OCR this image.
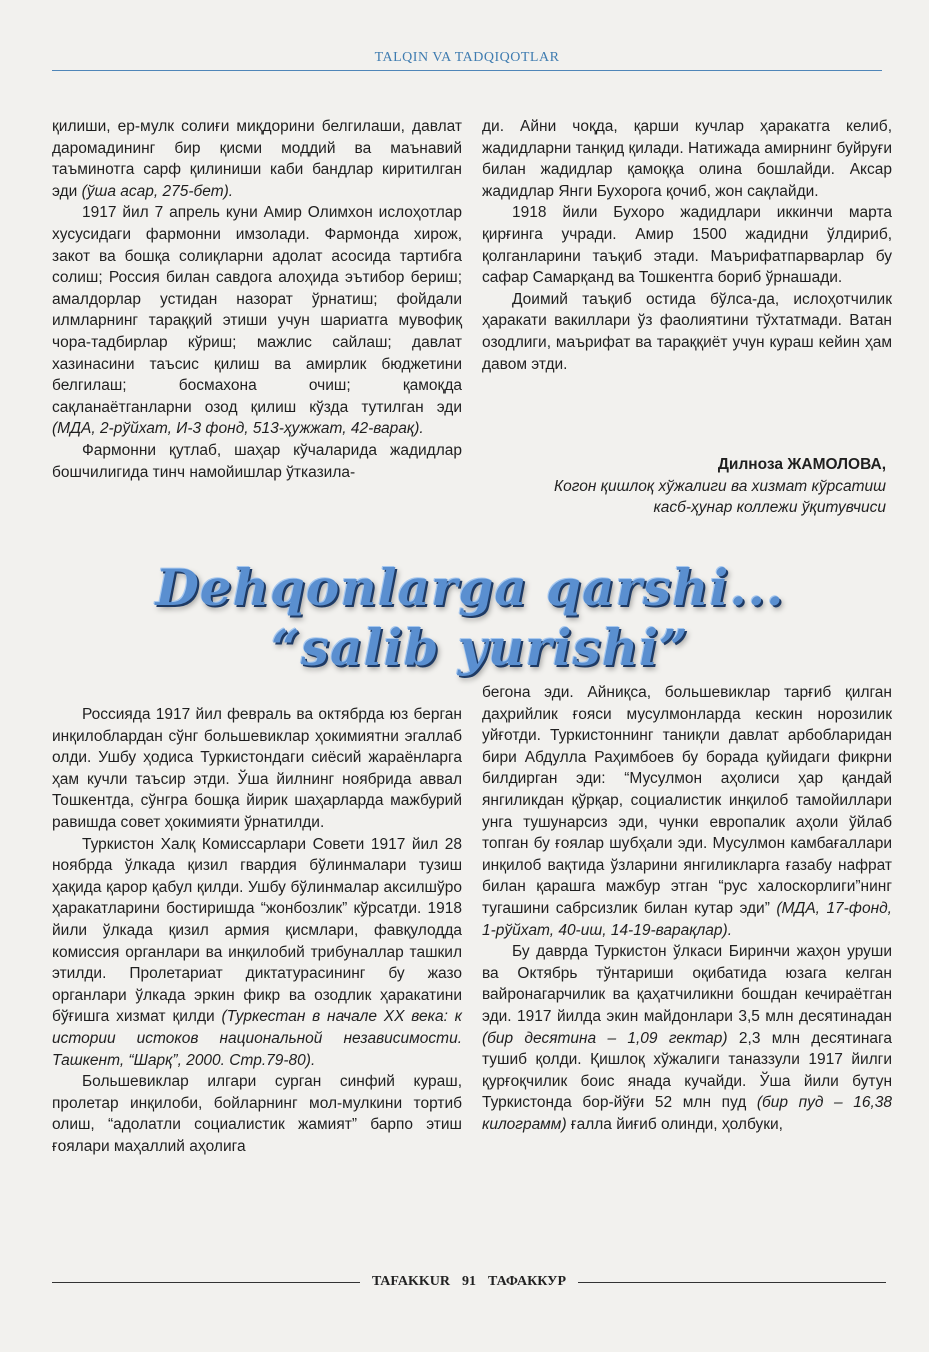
TALQIN VA TADQIQOTLAR

қилиши, ер-мулк солиғи миқдорини белгилаши, давлат даромадининг бир қисми моддий ва маънавий таъминотга сарф қилиниши каби бандлар киритилган эди (ўша асар, 275-бет).

1917 йил 7 апрель куни Амир Олимхон ислоҳотлар хусусидаги фармонни имзолади. Фармонда хирож, закот ва бошқа солиқларни адолат асосида тартибга солиш; Россия билан савдога алоҳида эътибор бериш; амалдорлар устидан назорат ўрнатиш; фойдали илмларнинг тараққий этиши учун шариатга мувофиқ чора-тадбирлар кўриш; мажлис сайлаш; давлат хазинасини таъсис қилиш ва амирлик бюджетини белгилаш; босмахона очиш; қамоқда сақланаётганларни озод қилиш кўзда тутилган эди (МДА, 2-рўйхат, И-3 фонд, 513-ҳужжат, 42-варақ).

Фармонни қутлаб, шаҳар кўчаларида жадидлар бошчилигида тинч намойишлар ўтказила-

ди. Айни чоқда, қарши кучлар ҳаракатга келиб, жадидларни танқид қилади. Натижада амирнинг буйруғи билан жадидлар қамоққа олина бошлайди. Аксар жадидлар Янги Бухорога қочиб, жон сақлайди.

1918 йили Бухоро жадидлари иккинчи марта қирғинга учради. Амир 1500 жадидни ўлдириб, қолганларини таъқиб этади. Маърифатпарварлар бу сафар Самарқанд ва Тошкентга бориб ўрнашади.

Доимий таъқиб остида бўлса-да, ислоҳотчилик ҳаракати вакиллари ўз фаолиятини тўхтатмади. Ватан озодлиги, маърифат ва тараққиёт учун кураш кейин ҳам давом этди.

Дилноза ЖАМОЛОВА,
Когон қишлоқ хўжалиги ва хизмат кўрсатиш
касб-ҳунар коллежи ўқитувчиси
Dehqonlarga qarshi...
“salib yurishi”

Россияда 1917 йил февраль ва октябрда юз берган инқилоблардан сўнг большевиклар ҳокимиятни эгаллаб олди. Ушбу ҳодиса Туркистондаги сиёсий жараёнларга ҳам кучли таъсир этди. Ўша йилнинг ноябрида аввал Тошкентда, сўнгра бошқа йирик шаҳарларда мажбурий равишда совет ҳокимияти ўрнатилди.

Туркистон Халқ Комиссарлари Совети 1917 йил 28 ноябрда ўлкада қизил гвардия бўлинмалари тузиш ҳақида қарор қабул қилди. Ушбу бўлинмалар аксилшўро ҳаракатларини бостиришда “жонбозлик” кўрсатди. 1918 йили ўлкада қизил армия қисмлари, фавқулодда комиссия органлари ва инқилобий трибуналлар ташкил этилди. Пролетариат диктатурасининг бу жазо органлари ўлкада эркин фикр ва озодлик ҳаракатини бўғишга хизмат қилди (Туркестан в начале XX века: к истории истоков национальной независимости. Ташкент, “Шарқ”, 2000. Стр.79-80).

Большевиклар илгари сурган синфий кураш, пролетар инқилоби, бойларнинг мол-мулкини тортиб олиш, “адолатли социалистик жамият” барпо этиш ғоялари маҳаллий аҳолига

бегона эди. Айниқса, большевиклар тарғиб қилган даҳрийлик ғояси мусулмонларда кескин норозилик уйғотди. Туркистоннинг таниқли давлат арбобларидан бири Абдулла Раҳимбоев бу борада қуйидаги фикрни билдирган эди: “Мусулмон аҳолиси ҳар қандай янгиликдан қўрқар, социалистик инқилоб тамойиллари унга тушунарсиз эди, чунки европалик аҳоли ўйлаб топган бу ғоялар шубҳали эди. Мусулмон камбағаллари инқилоб вақтида ўзларини янгиликларга ғазабу нафрат билан қарашга мажбур этган “рус халоскорлиги”нинг тугашини сабрсизлик билан кутар эди” (МДА, 17-фонд, 1-рўйхат, 40-иш, 14-19-варақлар).

Бу даврда Туркистон ўлкаси Биринчи жаҳон уруши ва Октябрь тўнтариши оқибатида юзага келган вайронагарчилик ва қаҳатчиликни бошдан кечираётган эди. 1917 йилда экин майдонлари 3,5 млн десятинадан (бир десятина – 1,09 гектар) 2,3 млн десятинага тушиб қолди. Қишлоқ хўжалиги таназзули 1917 йилги қурғоқчилик боис янада кучайди. Ўша йили бутун Туркистонда бор-йўғи 52 млн пуд (бир пуд – 16,38 килограмм) ғалла йиғиб олинди, ҳолбуки,

TAFAKKUR 91 ТАФАККУР
